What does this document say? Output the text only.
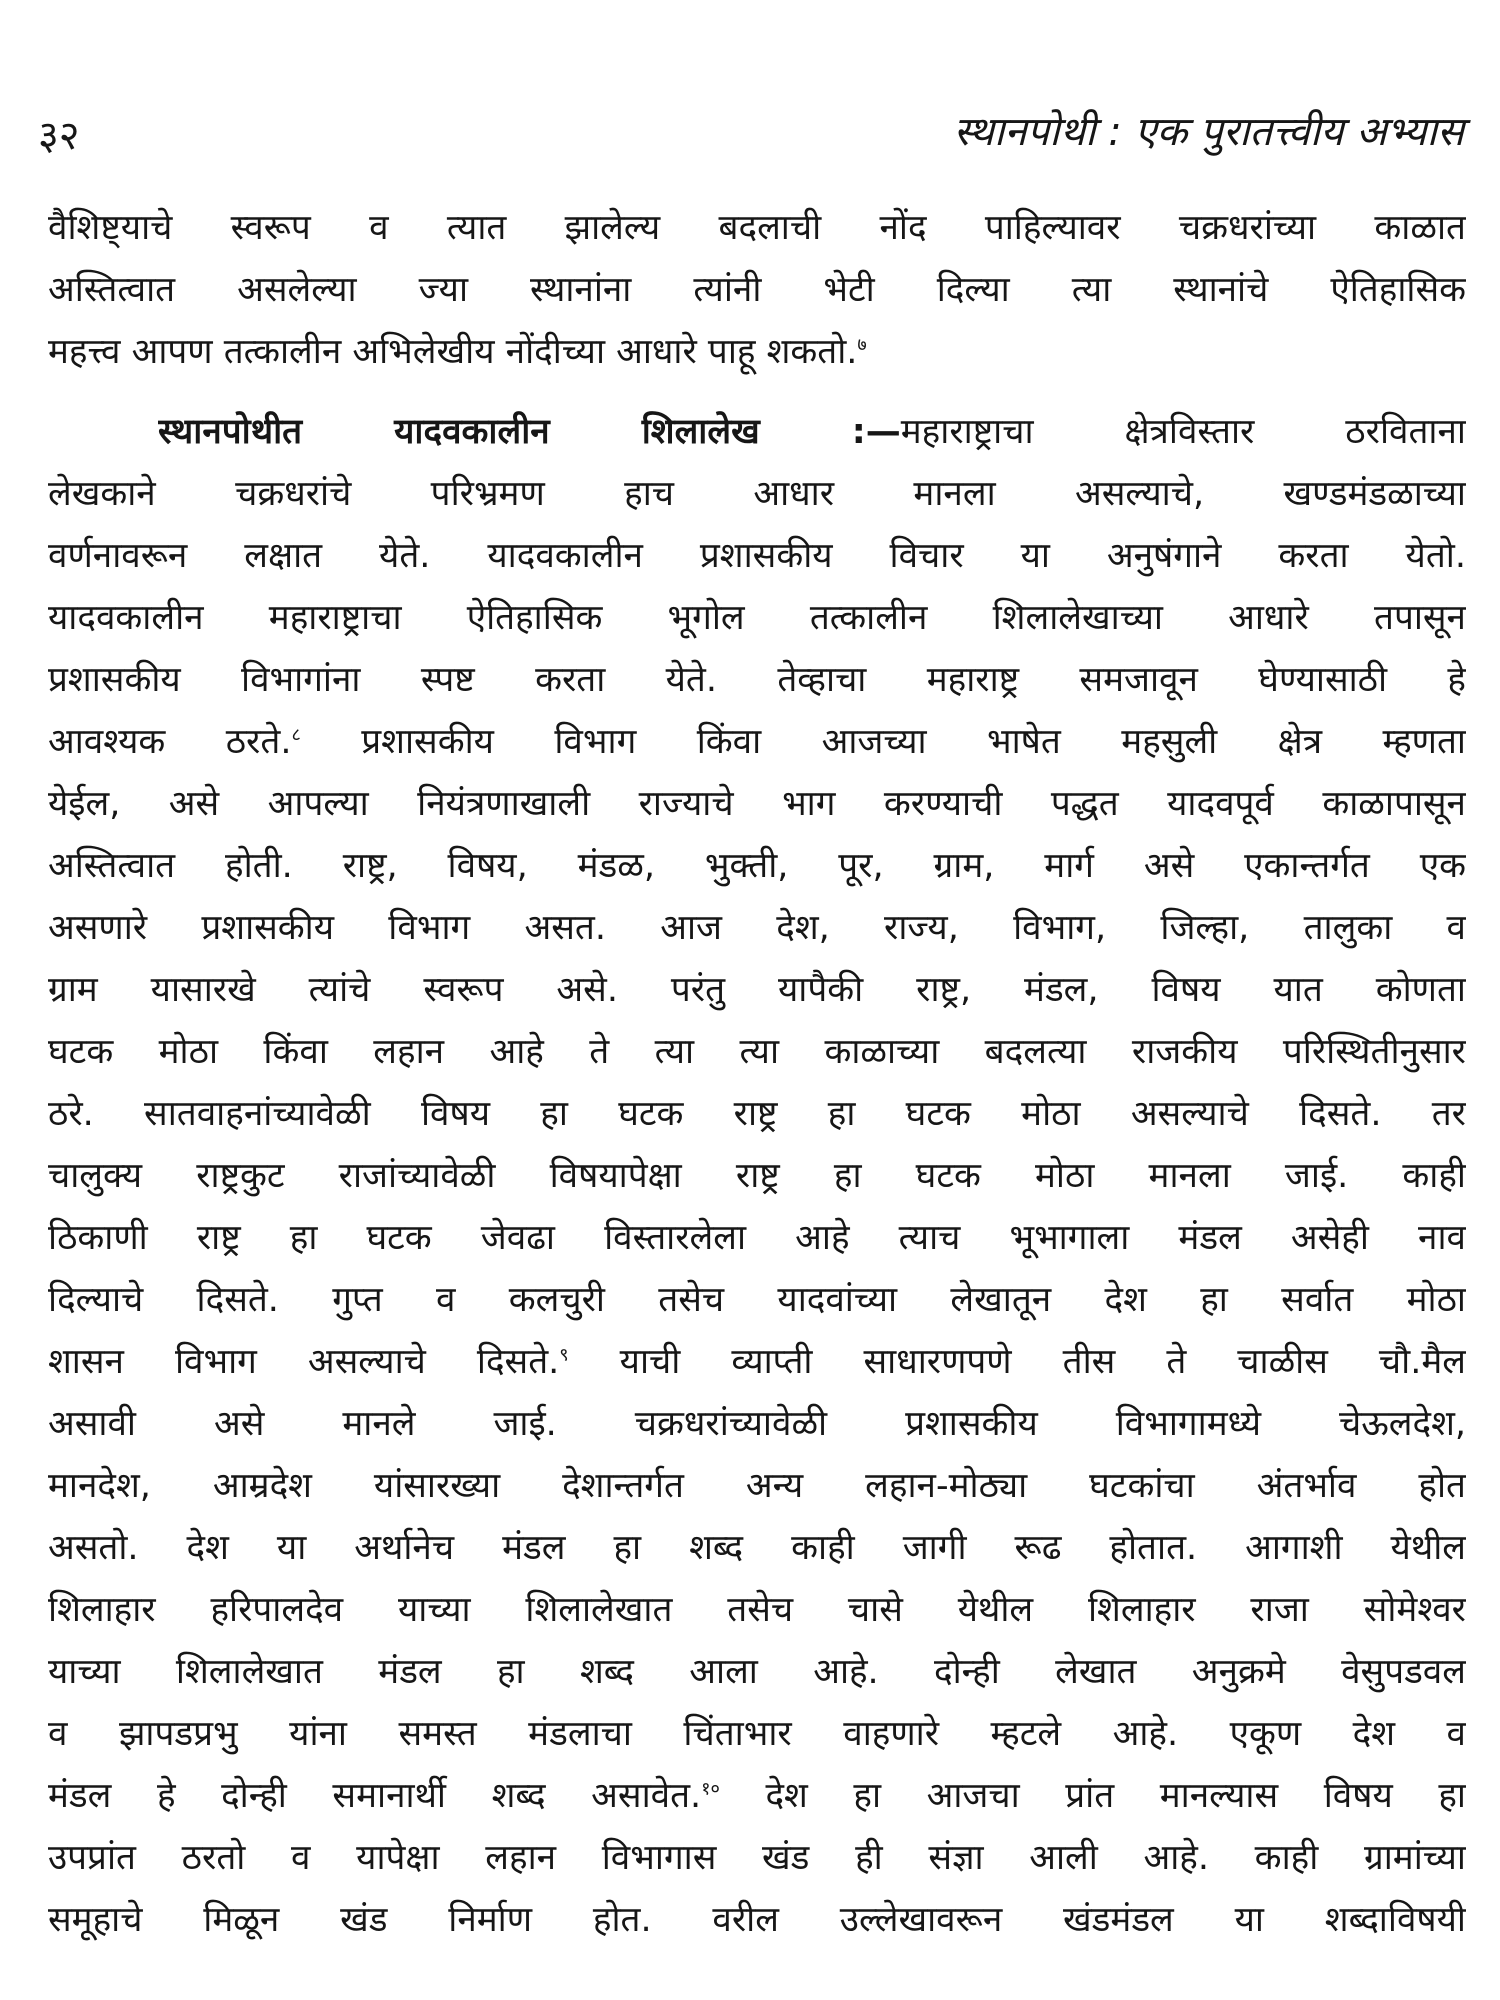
३२	स्थानपोथी : एक पुरातत्त्वीय अभ्यास
वैशिष्ट्याचे स्वरूप व त्यात झालेल्य बदलाची नोंद पाहिल्यावर चक्रधरांच्या काळात
अस्तित्वात असलेल्या ज्या स्थानांना त्यांनी भेटी दिल्या त्या स्थानांचे ऐतिहासिक
महत्त्व आपण तत्कालीन अभिलेखीय नोंदीच्या आधारे पाहू शकतो.$^७$
स्थानपोथीत यादवकालीन शिलालेख :—महाराष्ट्राचा क्षेत्रविस्तार ठरविताना
लेखकाने चक्रधरांचे परिभ्रमण हाच आधार मानला असल्याचे, खण्डमंडळाच्या
वर्णनावरून लक्षात येते. यादवकालीन प्रशासकीय विचार या अनुषंगाने करता येतो.
यादवकालीन महाराष्ट्राचा ऐतिहासिक भूगोल तत्कालीन शिलालेखाच्या आधारे तपासून
प्रशासकीय विभागांना स्पष्ट करता येते. तेव्हाचा महाराष्ट्र समजावून घेण्यासाठी हे
आवश्यक ठरते.$^८$ प्रशासकीय विभाग किंवा आजच्या भाषेत महसुली क्षेत्र म्हणता
येईल, असे आपल्या नियंत्रणाखाली राज्याचे भाग करण्याची पद्धत यादवपूर्व काळापासून
अस्तित्वात होती. राष्ट्र, विषय, मंडळ, भुक्ती, पूर, ग्राम, मार्ग असे एकान्तर्गत एक
असणारे प्रशासकीय विभाग असत. आज देश, राज्य, विभाग, जिल्हा, तालुका व
ग्राम यासारखे त्यांचे स्वरूप असे. परंतु यापैकी राष्ट्र, मंडल, विषय यात कोणता
घटक मोठा किंवा लहान आहे ते त्या त्या काळाच्या बदलत्या राजकीय परिस्थितीनुसार
ठरे. सातवाहनांच्यावेळी विषय हा घटक राष्ट्र हा घटक मोठा असल्याचे दिसते. तर
चालुक्य राष्ट्रकुट राजांच्यावेळी विषयापेक्षा राष्ट्र हा घटक मोठा मानला जाई. काही
ठिकाणी राष्ट्र हा घटक जेवढा विस्तारलेला आहे त्याच भूभागाला मंडल असेही नाव
दिल्याचे दिसते. गुप्त व कलचुरी तसेच यादवांच्या लेखातून देश हा सर्वात मोठा
शासन विभाग असल्याचे दिसते.$^९$ याची व्याप्ती साधारणपणे तीस ते चाळीस चौ.मैल
असावी असे मानले जाई. चक्रधरांच्यावेळी प्रशासकीय विभागामध्ये चेऊलदेश,
मानदेश, आम्रदेश यांसारख्या देशान्तर्गत अन्य लहान-मोठ्या घटकांचा अंतर्भाव होत
असतो. देश या अर्थानेच मंडल हा शब्द काही जागी रूढ होतात. आगाशी येथील
शिलाहार हरिपालदेव याच्या शिलालेखात तसेच चासे येथील शिलाहार राजा सोमेश्वर
याच्या शिलालेखात मंडल हा शब्द आला आहे. दोन्ही लेखात अनुक्रमे वेसुपडवल
व झापडप्रभु यांना समस्त मंडलाचा चिंताभार वाहणारे म्हटले आहे. एकूण देश व
मंडल हे दोन्ही समानार्थी शब्द असावेत.$^{१०}$ देश हा आजचा प्रांत मानल्यास विषय हा
उपप्रांत ठरतो व यापेक्षा लहान विभागास खंड ही संज्ञा आली आहे. काही ग्रामांच्या
समूहाचे मिळून खंड निर्माण होत. वरील उल्लेखावरून खंडमंडल या शब्दाविषयी
